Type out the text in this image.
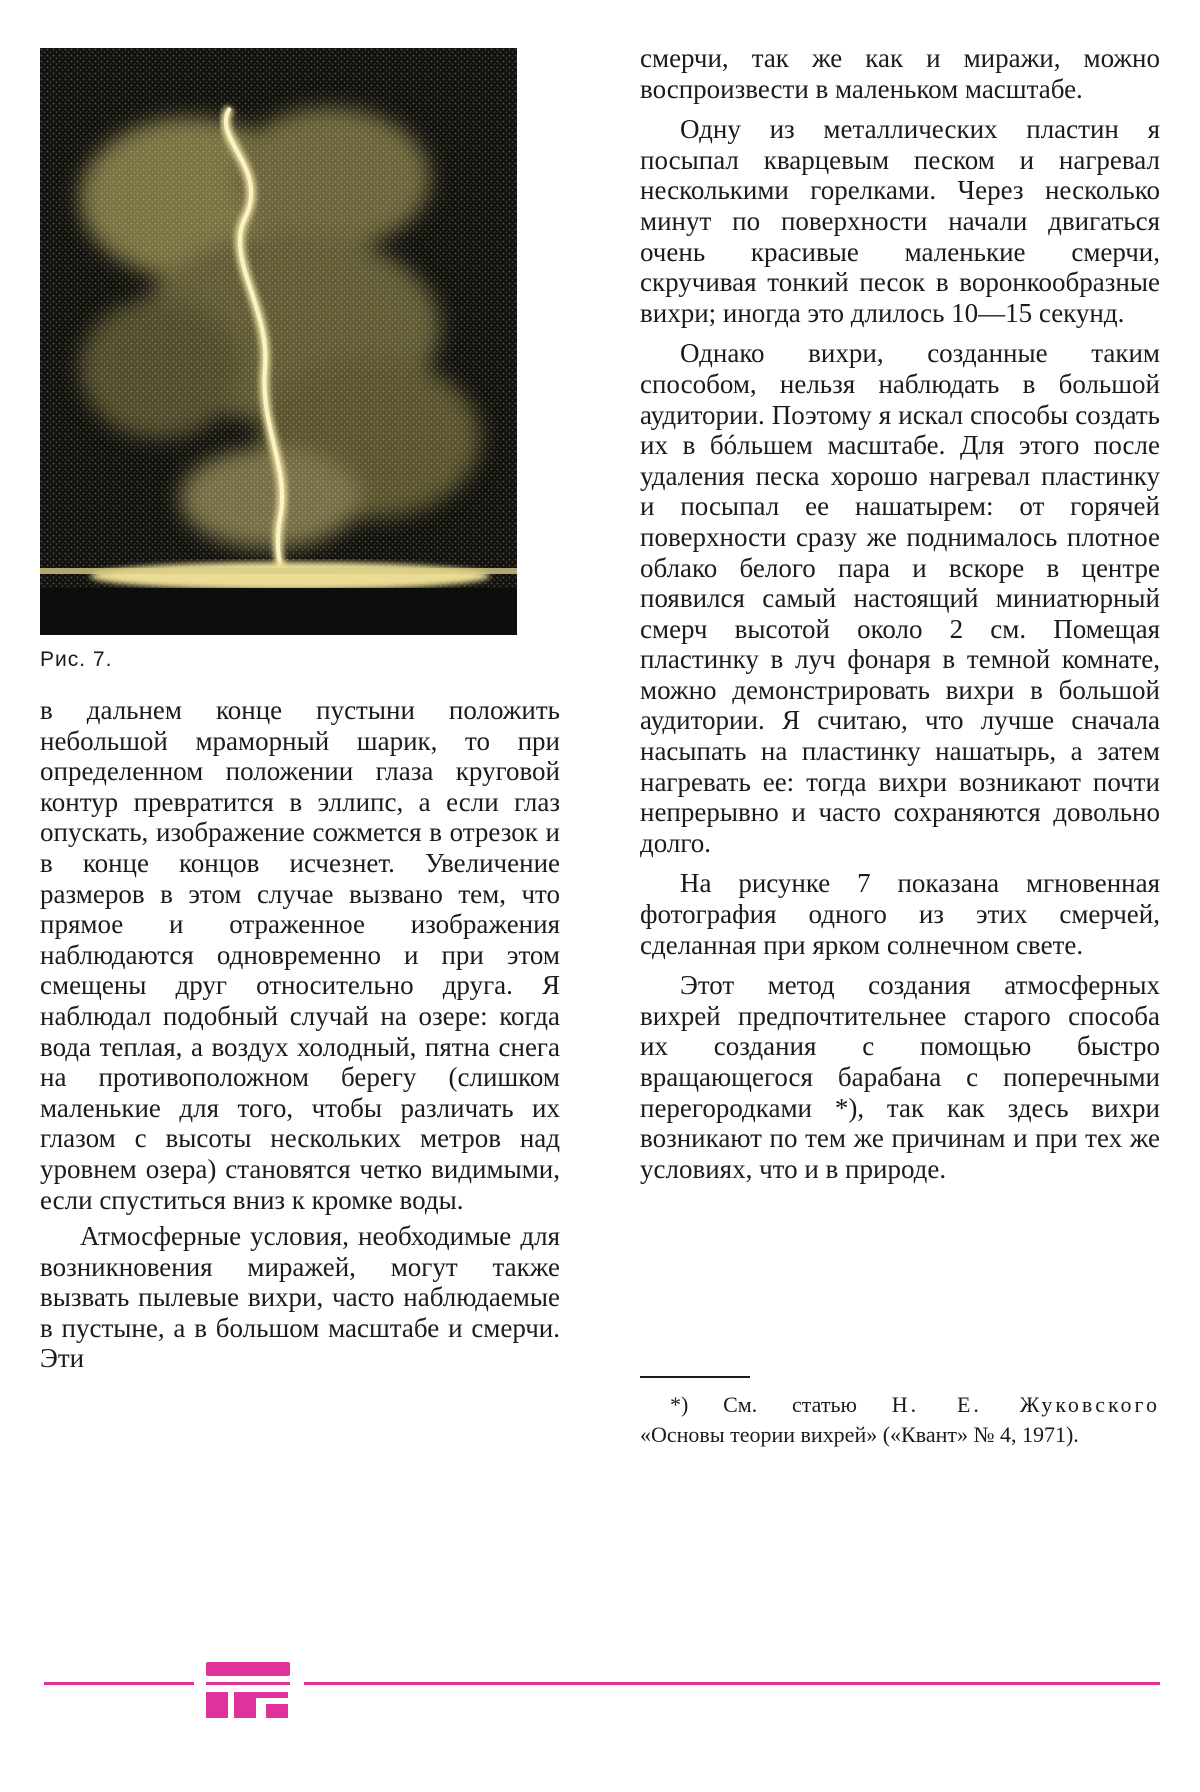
Рис. 7.

в дальнем конце пустыни положить небольшой мраморный шарик, то при определенном положении глаза круговой контур превратится в эллипс, а если глаз опускать, изображение сожмется в отрезок и в конце концов исчезнет. Увеличение размеров в этом случае вызвано тем, что прямое и отраженное изображения наблюдаются одновременно и при этом смещены друг относительно друга. Я наблюдал подобный случай на озере: когда вода теплая, а воздух холодный, пятна снега на противоположном берегу (слишком маленькие для того, чтобы различать их глазом с высоты нескольких метров над уровнем озера) становятся четко видимыми, если спуститься вниз к кромке воды.

Атмосферные условия, необходимые для возникновения миражей, могут также вызвать пылевые вихри, часто наблюдаемые в пустыне, а в большом масштабе и смерчи. Эти

смерчи, так же как и миражи, можно воспроизвести в маленьком масштабе.

Одну из металлических пластин я посыпал кварцевым песком и нагревал несколькими горелками. Через несколько минут по поверхности начали двигаться очень красивые маленькие смерчи, скручивая тонкий песок в воронкообразные вихри; иногда это длилось 10—15 секунд.

Однако вихри, созданные таким способом, нельзя наблюдать в большой аудитории. Поэтому я искал способы создать их в бóльшем масштабе. Для этого после удаления песка хорошо нагревал пластинку и посыпал ее нашатырем: от горячей поверхности сразу же поднималось плотное облако белого пара и вскоре в центре появился самый настоящий миниатюрный смерч высотой около 2 см. Помещая пластинку в луч фонаря в темной комнате, можно демонстрировать вихри в большой аудитории. Я считаю, что лучше сначала насыпать на пластинку нашатырь, а затем нагревать ее: тогда вихри возникают почти непрерывно и часто сохраняются довольно долго.

На рисунке 7 показана мгновенная фотография одного из этих смерчей, сделанная при ярком солнечном свете.

Этот метод создания атмосферных вихрей предпочтительнее старого способа их создания с помощью быстро вращающегося барабана с поперечными перегородками *), так как здесь вихри возникают по тем же причинам и при тех же условиях, что и в природе.

*) См. статью Н. Е. Жуковского
«Основы теории вихрей» («Квант» № 4, 1971).
